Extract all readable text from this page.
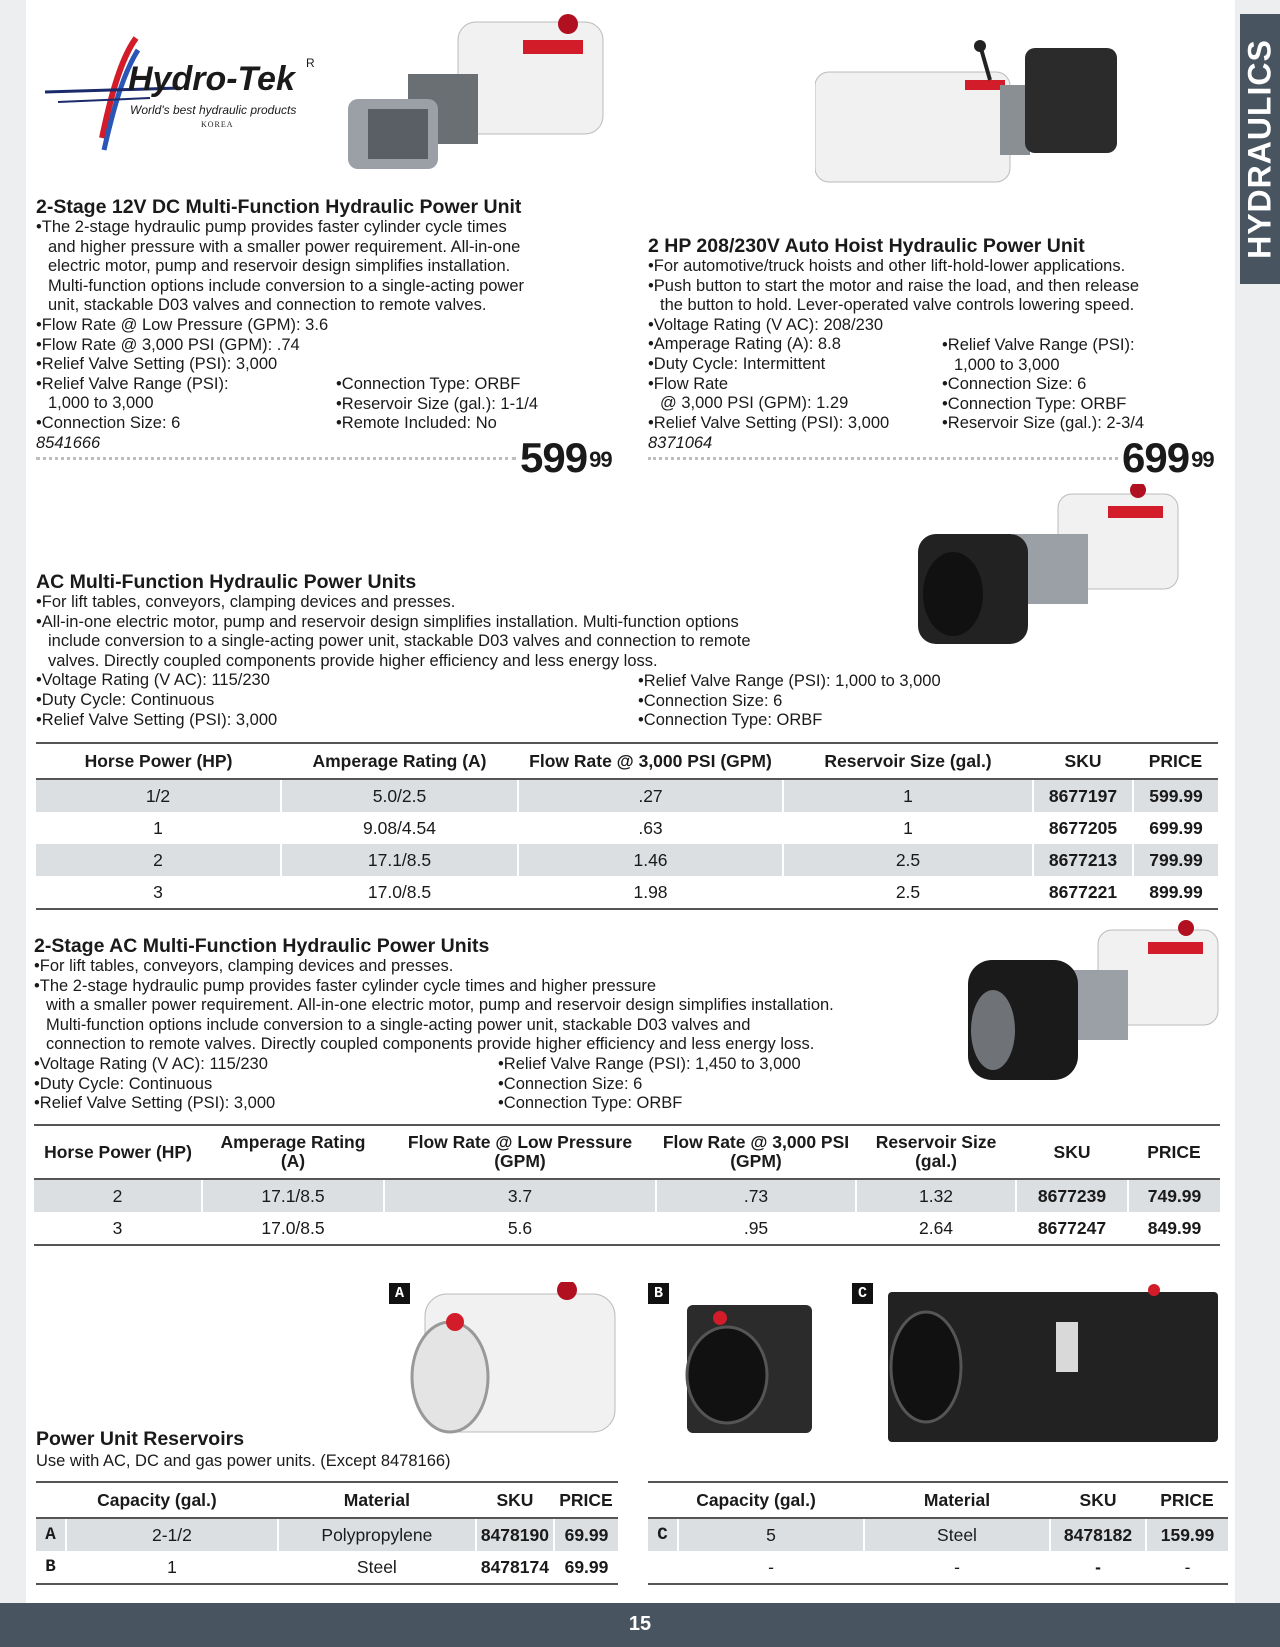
HYDRAULICS
Hydro-Tek R
World's best hydraulic products
KOREA
2-Stage 12V DC Multi-Function Hydraulic Power Unit
• The 2-stage hydraulic pump provides faster cylinder cycle times
and higher pressure with a smaller power requirement. All-in-one
electric motor, pump and reservoir design simplifies installation.
Multi-function options include conversion to a single-acting power
unit, stackable D03 valves and connection to remote valves.
• Flow Rate @ Low Pressure (GPM): 3.6
• Flow Rate @ 3,000 PSI (GPM): .74
• Relief Valve Setting (PSI): 3,000
• Relief Valve Range (PSI):
1,000 to 3,000
• Connection Size: 6
• Connection Type: ORBF
• Reservoir Size (gal.): 1-1/4
• Remote Included: No
8541666	$599^{99}$
2 HP 208/230V Auto Hoist Hydraulic Power Unit
• For automotive/truck hoists and other lift-hold-lower applications.
• Push button to start the motor and raise the load, and then release
the button to hold. Lever-operated valve controls lowering speed.
• Voltage Rating (V AC): 208/230
• Amperage Rating (A): 8.8
• Duty Cycle: Intermittent
• Flow Rate
@ 3,000 PSI (GPM): 1.29
• Relief Valve Setting (PSI): 3,000
• Relief Valve Range (PSI):
1,000 to 3,000
• Connection Size: 6
• Connection Type: ORBF
• Reservoir Size (gal.): 2-3/4
8371064	$699^{99}$
AC Multi-Function Hydraulic Power Units
• For lift tables, conveyors, clamping devices and presses.
• All-in-one electric motor, pump and reservoir design simplifies installation. Multi-function options
include conversion to a single-acting power unit, stackable D03 valves and connection to remote
valves. Directly coupled components provide higher efficiency and less energy loss.
• Voltage Rating (V AC): 115/230
• Duty Cycle: Continuous
• Relief Valve Setting (PSI): 3,000
• Relief Valve Range (PSI): 1,000 to 3,000
• Connection Size: 6
• Connection Type: ORBF
Horse Power (HP)	Amperage Rating (A)	Flow Rate @ 3,000 PSI (GPM)	Reservoir Size (gal.)	SKU	PRICE
1/2	5.0/2.5	.27	1	8677197	599.99
1	9.08/4.54	.63	1	8677205	699.99
2	17.1/8.5	1.46	2.5	8677213	799.99
3	17.0/8.5	1.98	2.5	8677221	899.99
2-Stage AC Multi-Function Hydraulic Power Units
• For lift tables, conveyors, clamping devices and presses.
• The 2-stage hydraulic pump provides faster cylinder cycle times and higher pressure
with a smaller power requirement. All-in-one electric motor, pump and reservoir design simplifies installation.
Multi-function options include conversion to a single-acting power unit, stackable D03 valves and
connection to remote valves. Directly coupled components provide higher efficiency and less energy loss.
• Voltage Rating (V AC): 115/230
• Duty Cycle: Continuous
• Relief Valve Setting (PSI): 3,000
• Relief Valve Range (PSI): 1,450 to 3,000
• Connection Size: 6
• Connection Type: ORBF
Horse Power (HP)	Amperage Rating (A)	Flow Rate @ Low Pressure (GPM)	Flow Rate @ 3,000 PSI (GPM)	Reservoir Size (gal.)	SKU	PRICE
2	17.1/8.5	3.7	.73	1.32	8677239	749.99
3	17.0/8.5	5.6	.95	2.64	8677247	849.99
A	B	C
Power Unit Reservoirs
Use with AC, DC and gas power units. (Except 8478166)
Capacity (gal.)		Material	SKU	PRICE
A	2-1/2	Polypropylene	8478190	69.99
B	1	Steel	8478174	69.99
Capacity (gal.)		Material	SKU	PRICE
C	5	Steel	8478182	159.99
	-	-	-	-
15
